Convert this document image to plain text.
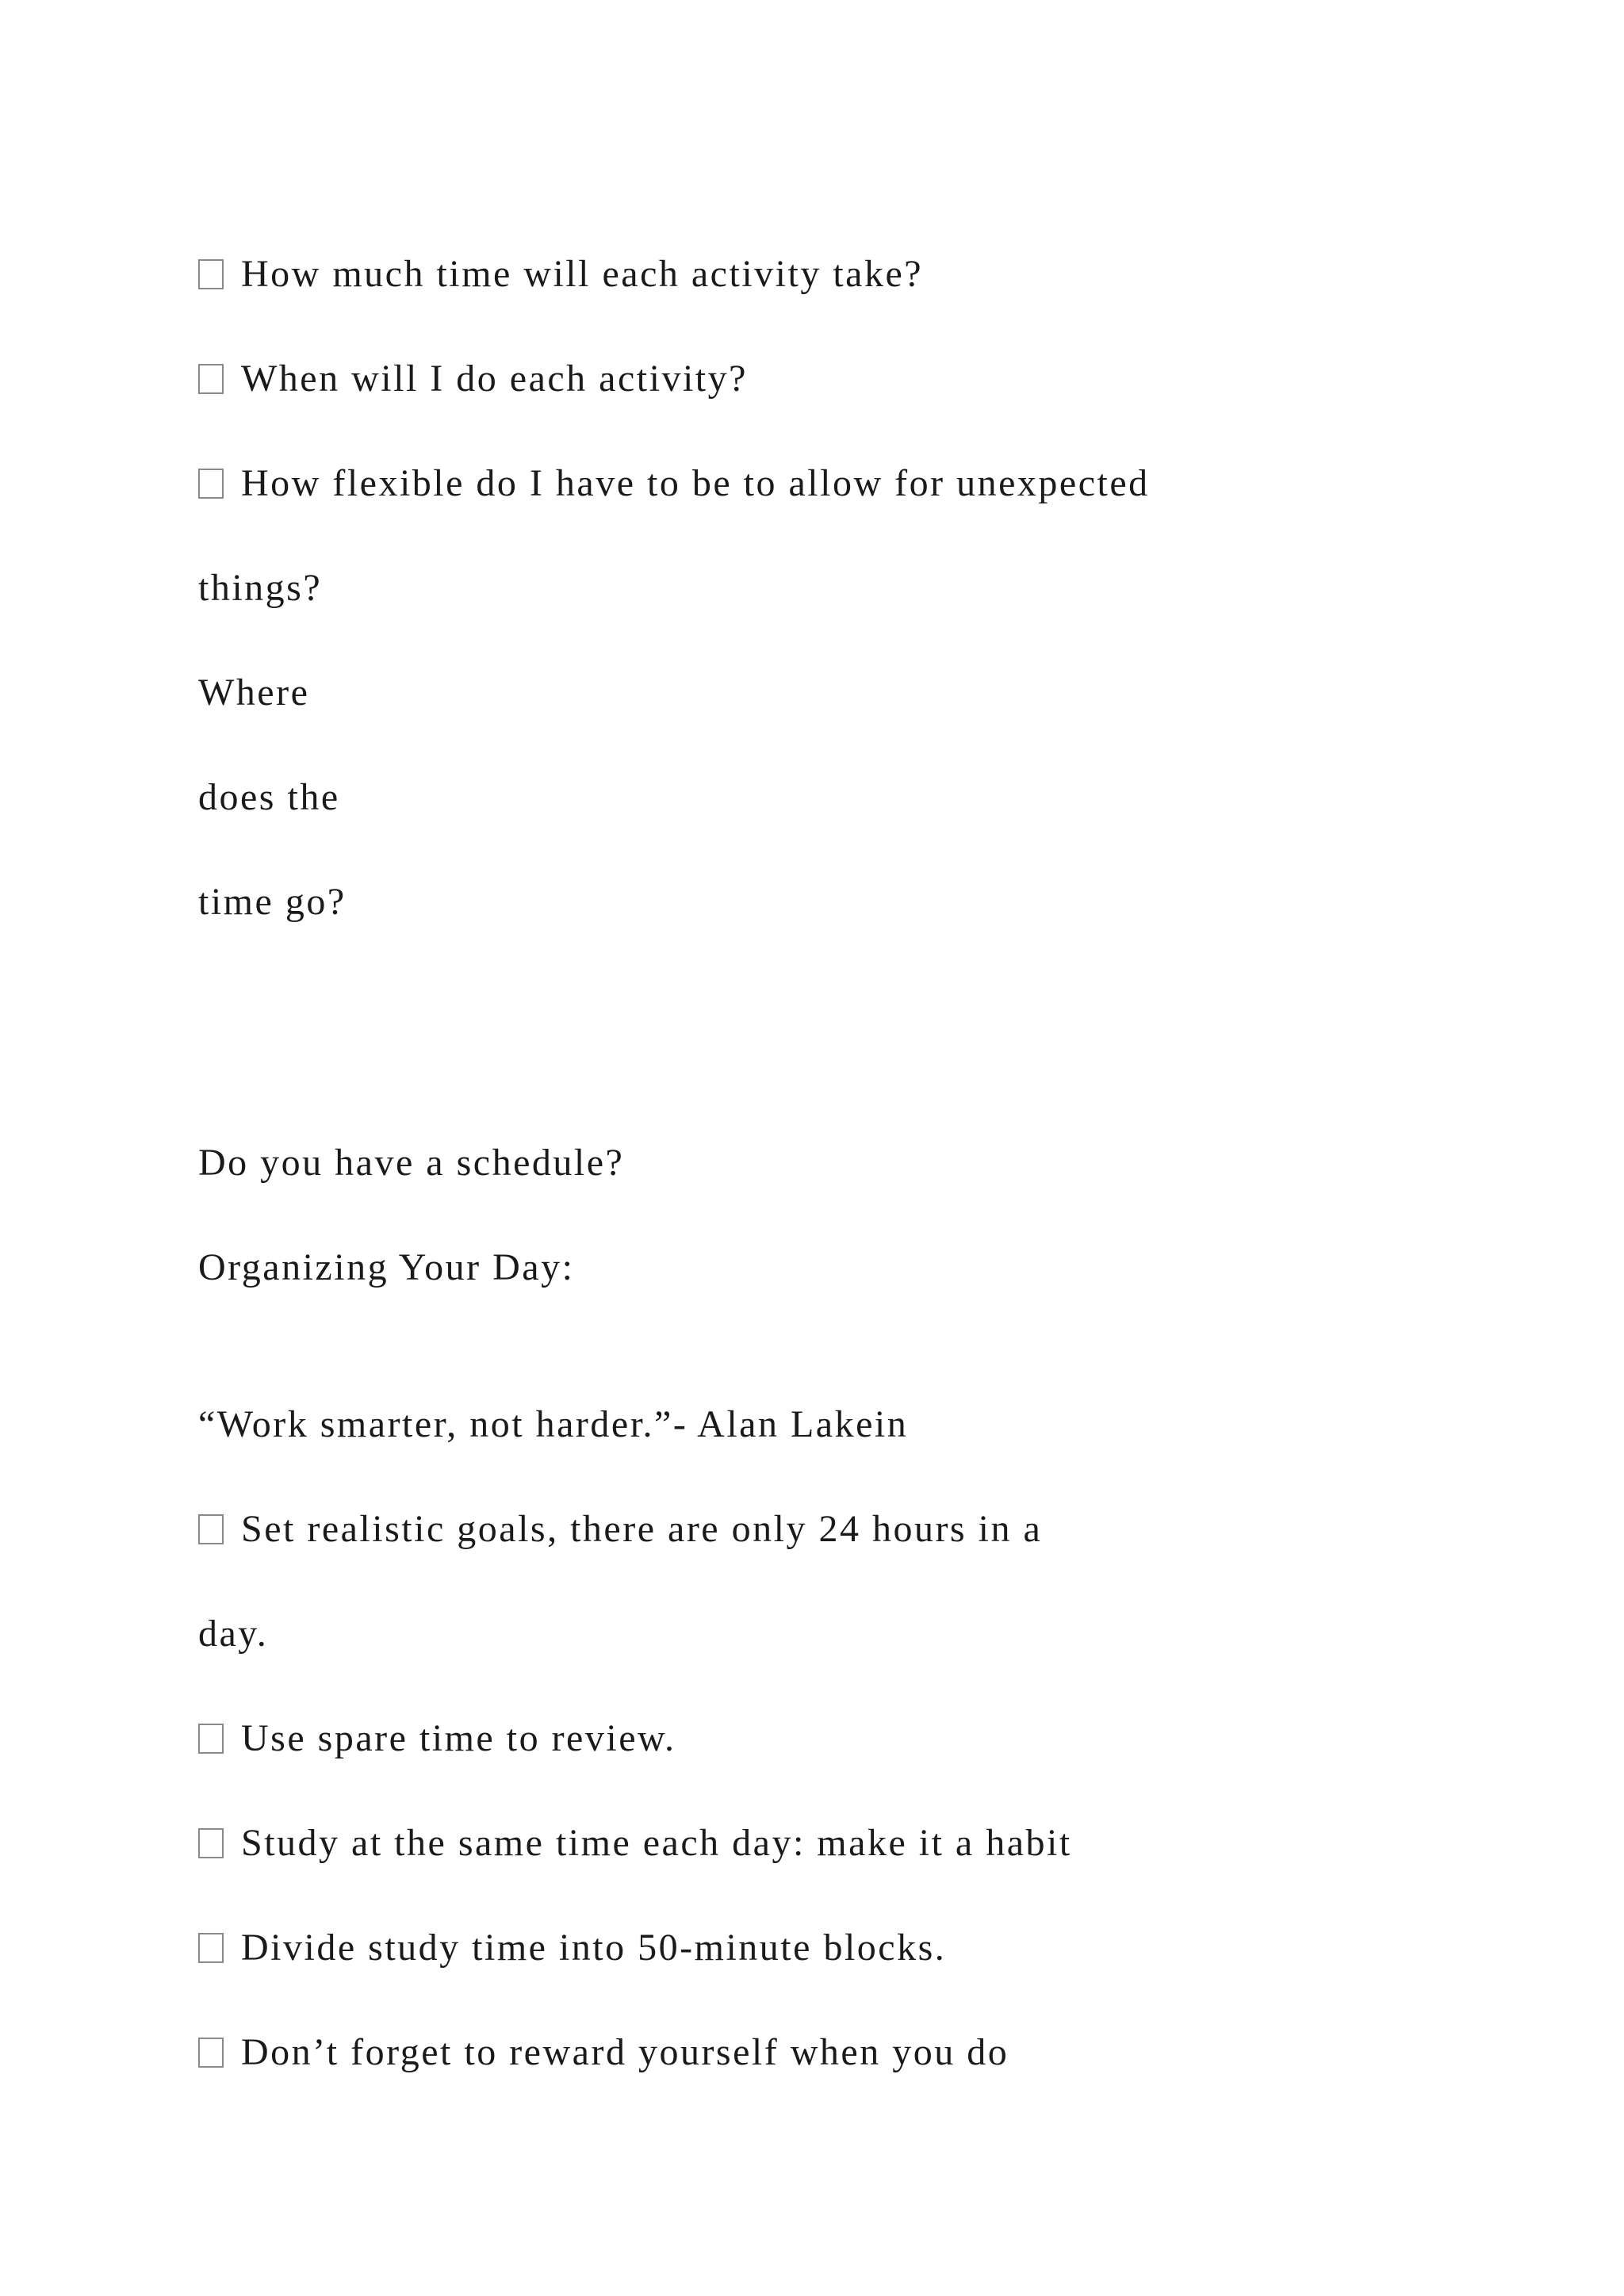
How much time will each activity take?
When will I do each activity?
How flexible do I have to be to allow for unexpected
things?
Where
does the
time go?
Do you have a schedule?
Organizing Your Day:
“Work smarter, not harder.”- Alan Lakein
Set realistic goals, there are only 24 hours in a
day.
Use spare time to review.
Study at the same time each day: make it a habit
Divide study time into 50-minute blocks.
Don’t forget to reward yourself when you do
